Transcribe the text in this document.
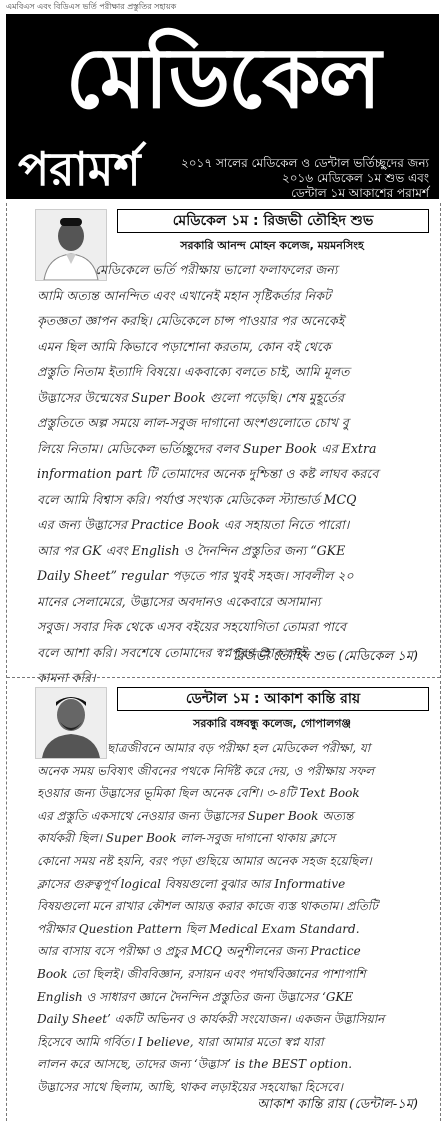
এমবিএস এবং বিডিএস ভর্তি পরীক্ষার প্রস্তুতির সহায়ক
মেডিকেল
পরামর্শ	২০১৭ সালের মেডিকেল ও ডেন্টাল ভর্তিচ্ছুদের জন্য
২০১৬ মেডিকেল ১ম শুভ এবং
ডেন্টাল ১ম আকাশের পরামর্শ
মেডিকেল ১ম : রিজভী তৌহিদ শুভ
সরকারি আনন্দ মোহন কলেজ, ময়মনসিংহ
মেডিকেলে ভর্তি পরীক্ষায় ভালো ফলাফলের জন্য
আমি অত্যন্ত আনন্দিত এবং এখানেই মহান সৃষ্টিকর্তার নিকট
কৃতজ্ঞতা জ্ঞাপন করছি। মেডিকেলে চান্স পাওয়ার পর অনেকেই
এমন ছিল আমি কিভাবে পড়াশোনা করতাম, কোন বই থেকে
প্রস্তুতি নিতাম ইত্যাদি বিষয়ে। একবাক্যে বলতে চাই, আমি মূলত
উদ্ভাসের উন্মেষের Super Book গুলো পড়েছি। শেষ মুহূর্তের
প্রস্তুতিতে অল্প সময়ে লাল-সবুজ দাগানো অংশগুলোতে চোখ বু
লিয়ে নিতাম। মেডিকেল ভর্তিচ্ছুদের বলব Super Book এর Extra
information part টি তোমাদের অনেক দুশ্চিন্তা ও কষ্ট লাঘব করবে
বলে আমি বিশ্বাস করি। পর্যাপ্ত সংখ্যক মেডিকেল স্ট্যান্ডার্ড MCQ
এর জন্য উদ্ভাসের Practice Book এর সহায়তা নিতে পারো।
আর পর GK এবং English ও দৈনন্দিন প্রস্তুতির জন্য “GKE
Daily Sheet” regular পড়তে পার খুবই সহজ। সাবলীল ২০
মানের সেলামেরে, উদ্ভাসের অবদানও একেবারে অসামান্য
সবুজ। সবার দিক থেকে এসব বইয়ের সহযোগিতা তোমরা পাবে
বলে আশা করি। সবশেষে তোমাদের স্বপ্নপূরণ হোক সেই
কামনা করি।
রিজভী তৌহিদ শুভ (মেডিকেল ১ম)
ডেন্টাল ১ম : আকাশ কান্তি রায়
সরকারি বঙ্গবন্ধু কলেজ, গোপালগঞ্জ
ছাত্রজীবনে আমার বড় পরীক্ষা হল মেডিকেল পরীক্ষা, যা
অনেক সময় ভবিষ্যৎ জীবনের পথকে নির্দিষ্ট করে দেয়, ও পরীক্ষায় সফল
হওয়ার জন্য উদ্ভাসের ভূমিকা ছিল অনেক বেশি। ৩-৪টি Text Book
এর প্রস্তুতি একসাথে নেওয়ার জন্য উদ্ভাসের Super Book অত্যন্ত
কার্যকরী ছিল। Super Book লাল-সবুজ দাগানো থাকায় ক্লাসে
কোনো সময় নষ্ট হয়নি, বরং পড়া গুছিয়ে আমার অনেক সহজ হয়েছিল।
ক্লাসের গুরুত্বপূর্ণ logical বিষয়গুলো বুঝার আর Informative
বিষয়গুলো মনে রাখার কৌশল আয়ত্ত করার কাজে ব্যস্ত থাকতাম। প্রতিটি
পরীক্ষার Question Pattern ছিল Medical Exam Standard.
আর বাসায় বসে পরীক্ষা ও প্রচুর MCQ অনুশীলনের জন্য Practice
Book তো ছিলই। জীববিজ্ঞান, রসায়ন এবং পদার্থবিজ্ঞানের পাশাপাশি
English ও সাধারণ জ্ঞানে দৈনন্দিন প্রস্তুতির জন্য উদ্ভাসের ‘GKE
Daily Sheet’ একটি অভিনব ও কার্যকরী সংযোজন। একজন উদ্ভাসিয়ান
হিসেবে আমি গর্বিত। I believe, যারা আমার মতো স্বপ্ন যারা
লালন করে আসছে, তাদের জন্য ‘উদ্ভাস’ is the BEST option.
উদ্ভাসের সাথে ছিলাম, আছি, থাকব লড়াইয়ের সহযোদ্ধা হিসেবে।
আকাশ কান্তি রায় (ডেন্টাল-১ম)
